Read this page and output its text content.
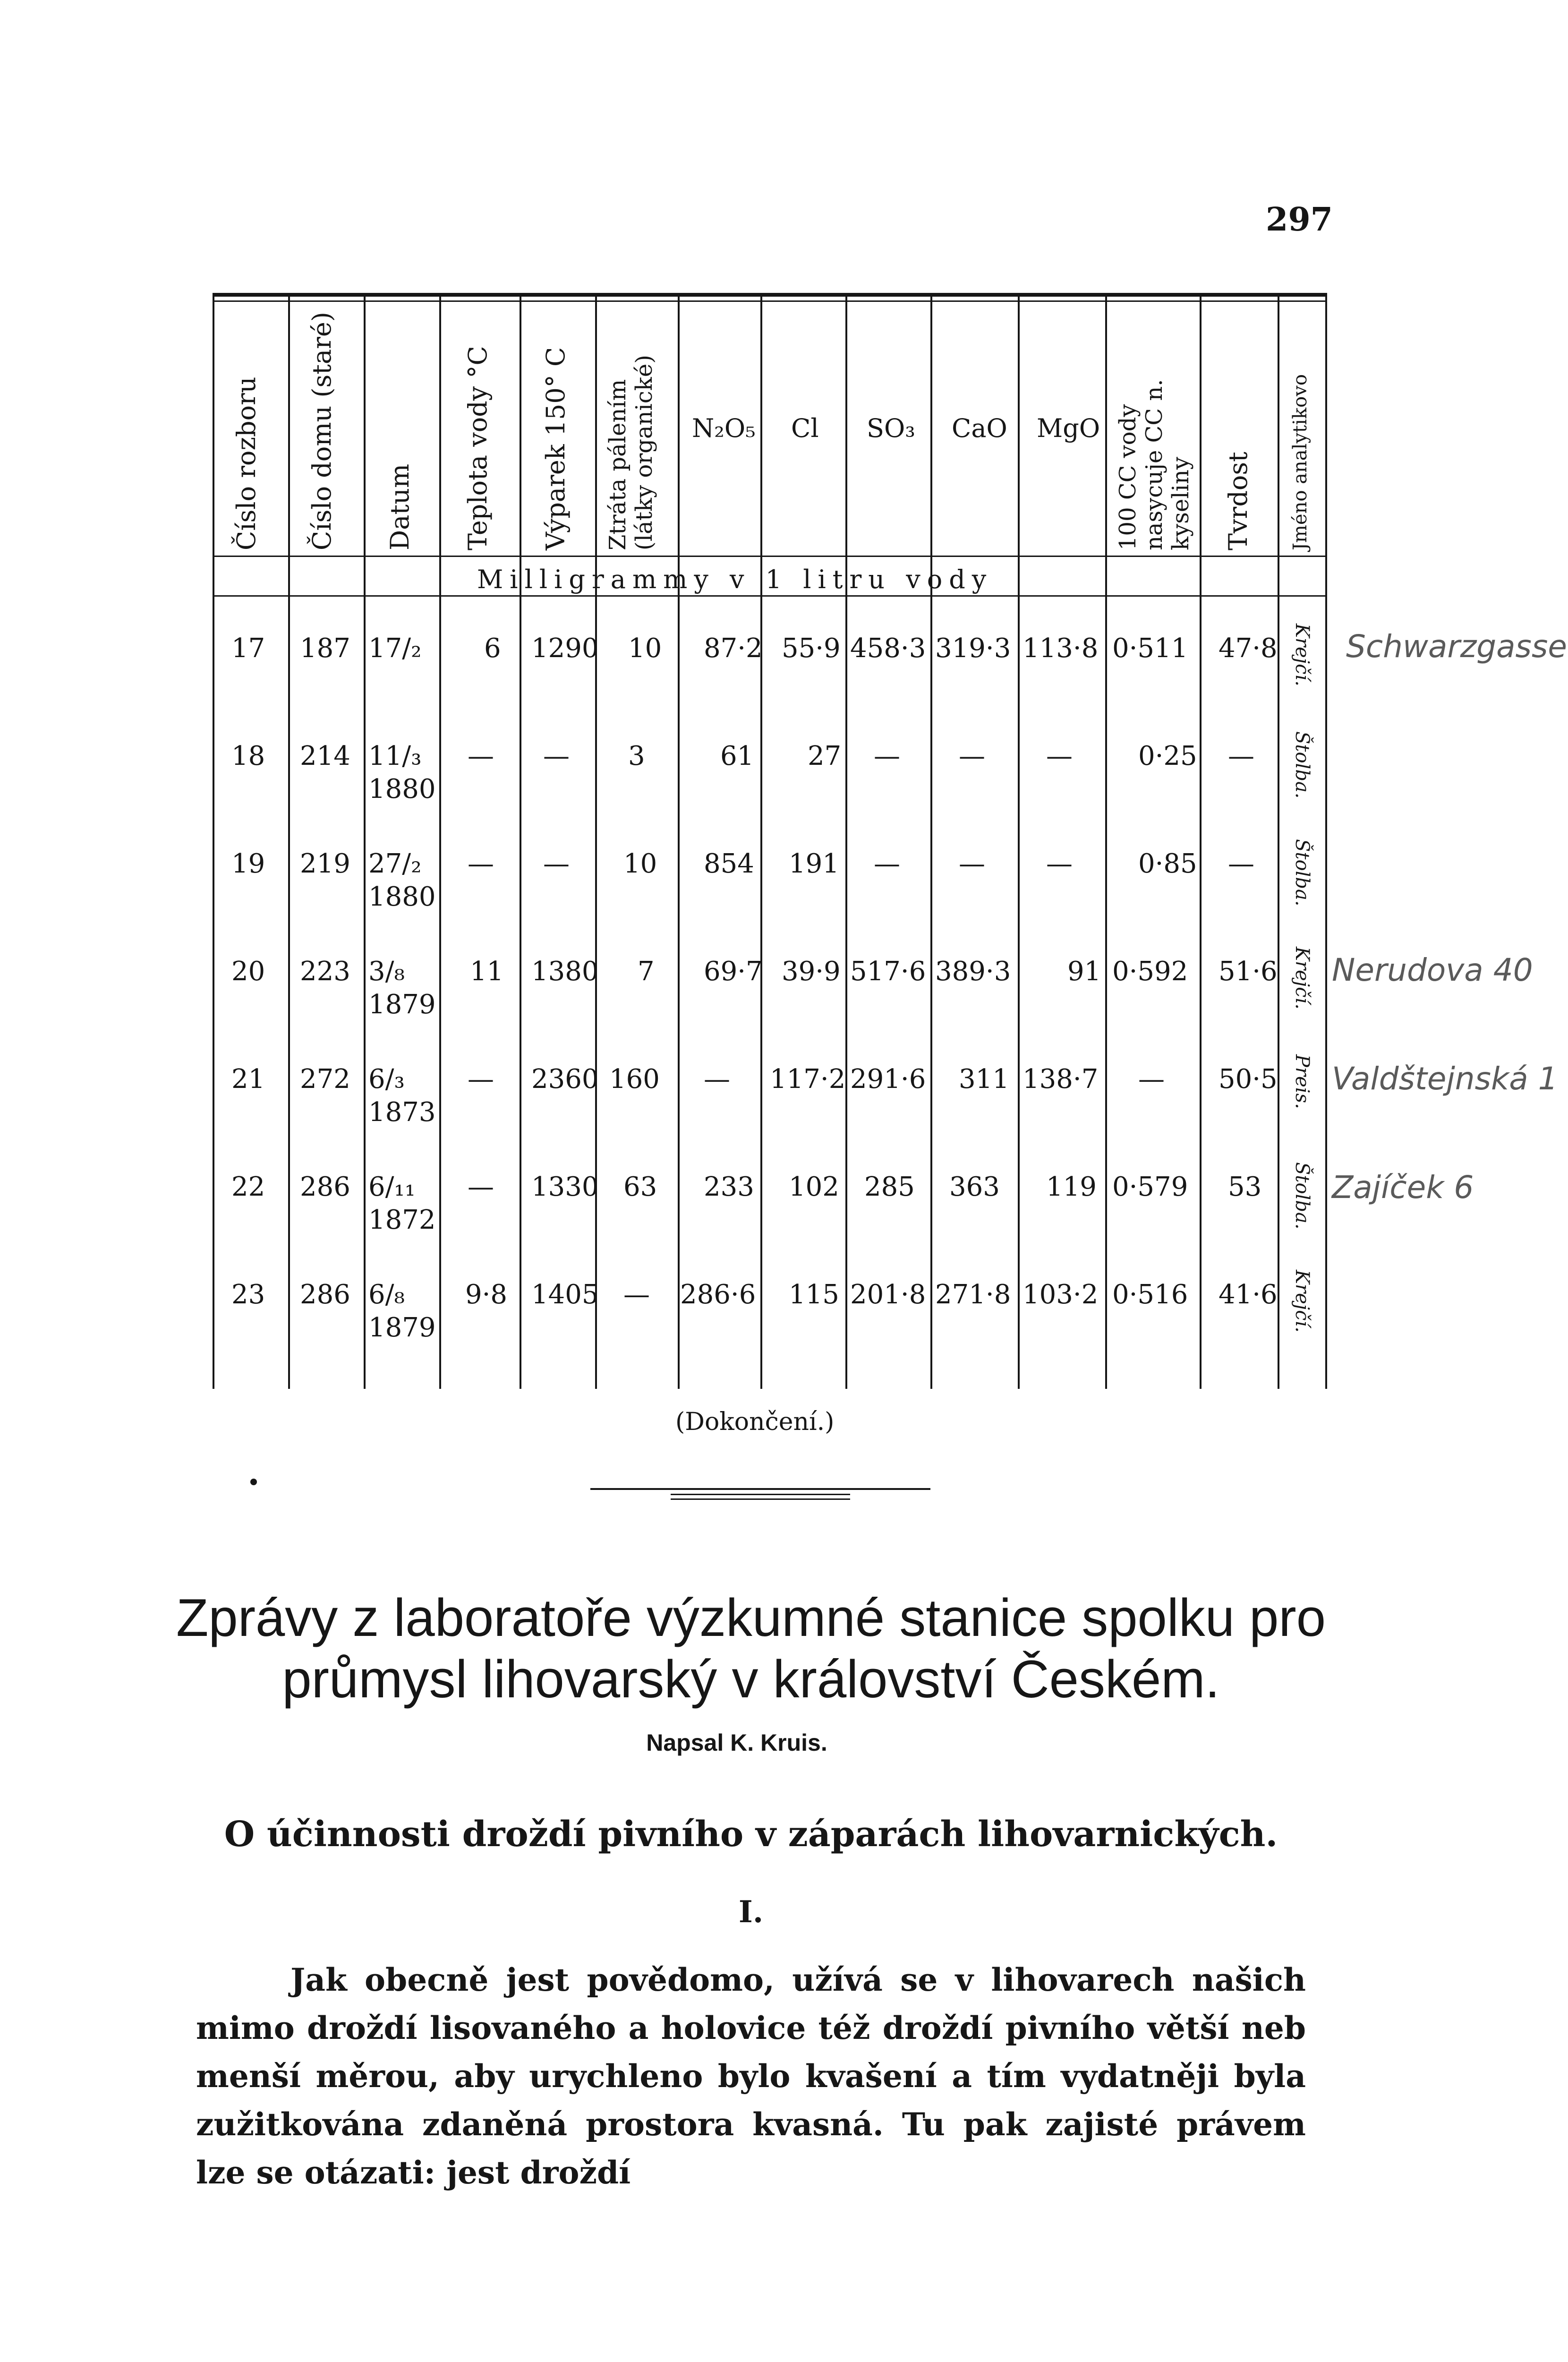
297
Číslo rozboru Číslo domu (staré) Datum Teplota vody °C Výparek 150° C Ztráta pálením (látky organické) N₂O₅ Cl SO₃ CaO MgO 100 CC vody nasycuje CC n. kyseliny Tvrdost Jméno analytikovo
Milligrammy v 1 litru vody
17 187 17/₂ 6 1290 10 87·2 55·9 458·3 319·3 113·8 0·511 47·8 Krejčí.
18 214 11/₃
1880
— — 3	61 27 — — — 0·25 — Štolba.
19 219 27/₂
1880
— — 10 854 191 — — — 0·85 — Štolba.
20 223 3/₈
1879
11 1380 7 69·7 39·9 517·6 389·3 91 0·592 51·6 Krejčí.
21 272 6/₃
1873
— 2360 160 — 117·2 291·6 311 138·7 — 50·5 Preis.
22 286 6/₁₁
1872
— 1330 63 233 102 285 363 119 0·579 53 Štolba.
23 286 6/₈
1879
9·8 1405 — 286·6 115 201·8 271·8 103·2 0·516 41·6 Krejčí.
Schwarzgasse
Nerudova 40
Valdštejnská 1
Zajíček 6
(Dokončení.)
Zprávy z laboratoře výzkumné stanice spolku pro
průmysl lihovarský v království Českém.
Napsal K. Kruis.
O účinnosti droždí pivního v záparách lihovarnických.
I.
Jak obecně jest povědomo, užívá se v lihovarech našich mimo droždí lisovaného a holovice též droždí pivního větší neb menší měrou, aby urychleno bylo kvašení a tím vydatněji byla zužitkována zdaněná prostora kvasná. Tu pak zajisté právem lze se otázati: jest droždí
